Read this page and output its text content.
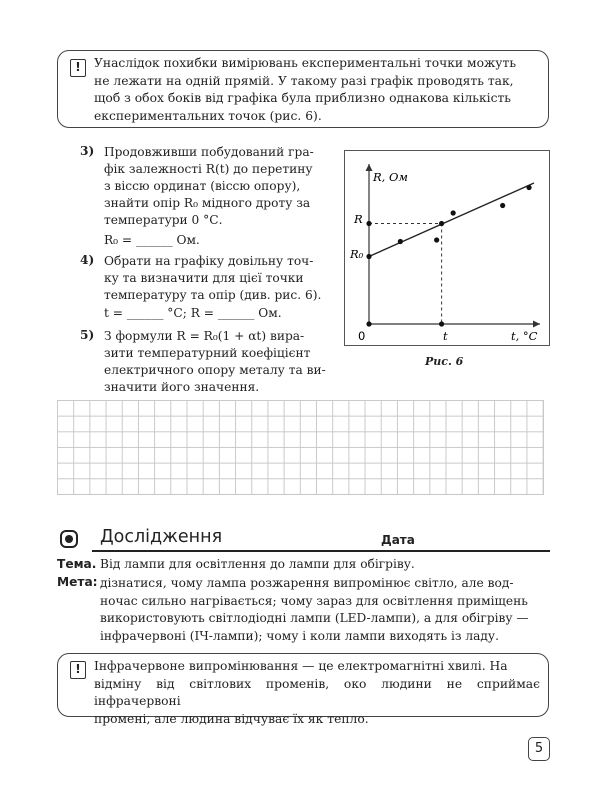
!	Унаслідок похибки вимірювань експериментальні точки можуть
не лежати на одній прямій. У такому разі графік проводять так,
щоб з обох боків від графіка була приблизно однакова кількість
експериментальних точок (рис. 6).
3) Продовживши побудований гра-
фік залежності R(t) до перетину
з віссю ординат (віссю опору),
знайти опір R₀ мідного дроту за
температури 0 °С.
R₀ = ______ Ом.
4) Обрати на графіку довільну точ-
ку та визначити для цієї точки
температуру та опір (див. рис. 6).
t = ______ °С; R = ______ Ом.
5) З формули R = R₀(1 + αt) вира-
зити температурний коефіцієнт
електричного опору металу та ви-
значити його значення.
R, Ом
R
R₀
0	t	t, °С
Рис. 6
Дослідження	Дата
Тема. Від лампи для освітлення до лампи для обігріву.
Мета: дізнатися, чому лампа розжарення випромінює світло, але вод-
ночас сильно нагрівається; чому зараз для освітлення приміщень
використовують світлодіодні лампи (LED-лампи), а для обігріву —
інфрачервоні (ІЧ-лампи); чому і коли лампи виходять із ладу.
!	Інфрачервоне випромінювання — це електромагнітні хвилі. На
відміну від світлових променів, око людини не сприймає інфрачервоні
промені, але людина відчуває їх як тепло.
5
